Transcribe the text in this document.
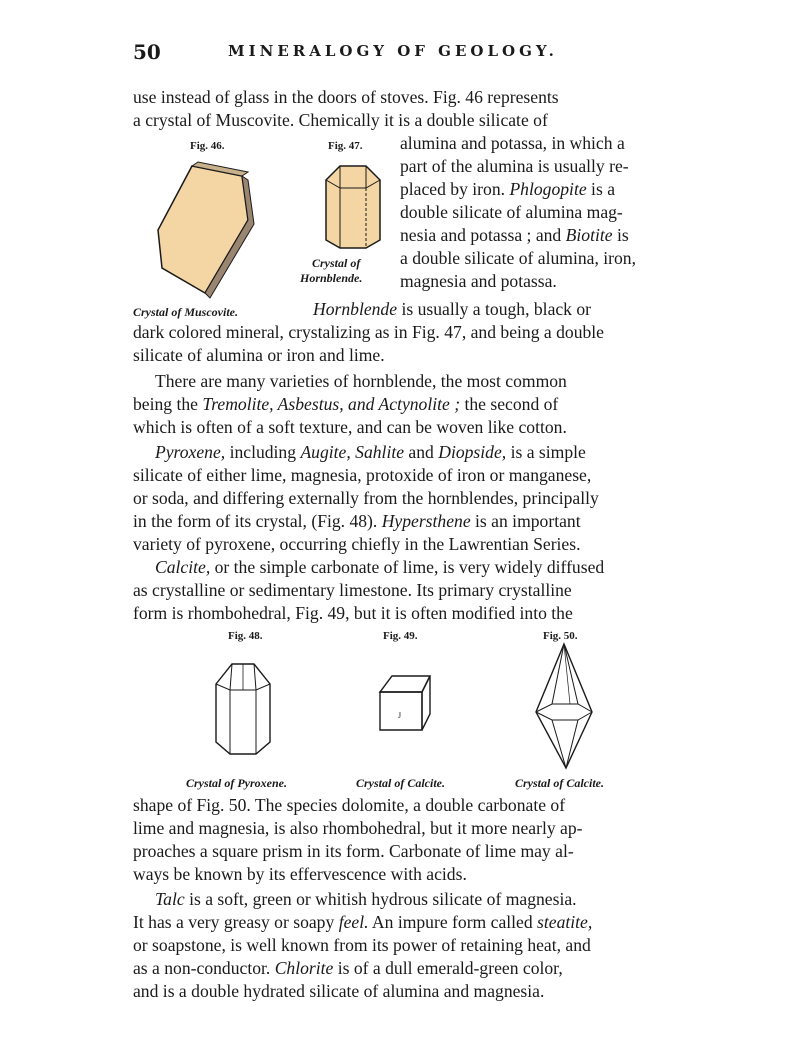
50	MINERALOGY OF GEOLOGY.
use instead of glass in the doors of stoves. Fig. 46 represents
a crystal of Muscovite. Chemically it is a double silicate of
Fig. 46.	Fig. 47.
Crystal of
Hornblende.
Crystal of Muscovite.
alumina and potassa, in which a
part of the alumina is usually re-
placed by iron. Phlogopite is a
double silicate of alumina mag-
nesia and potassa ; and Biotite is
a double silicate of alumina, iron,
magnesia and potassa.
Hornblende is usually a tough, black or
dark colored mineral, crystalizing as in Fig. 47, and being a double
silicate of alumina or iron and lime.
There are many varieties of hornblende, the most common
being the Tremolite, Asbestus, and Actynolite ; the second of
which is often of a soft texture, and can be woven like cotton.
Pyroxene, including Augite, Sahlite and Diopside, is a simple
silicate of either lime, magnesia, protoxide of iron or manganese,
or soda, and differing externally from the hornblendes, principally
in the form of its crystal, (Fig. 48). Hypersthene is an important
variety of pyroxene, occurring chiefly in the Lawrentian Series.
Calcite, or the simple carbonate of lime, is very widely diffused
as crystalline or sedimentary limestone. Its primary crystalline
form is rhombohedral, Fig. 49, but it is often modified into the
Fig. 48.	Fig. 49.	Fig. 50.
J
Crystal of Pyroxene.	Crystal of Calcite.	Crystal of Calcite.
shape of Fig. 50. The species dolomite, a double carbonate of
lime and magnesia, is also rhombohedral, but it more nearly ap-
proaches a square prism in its form. Carbonate of lime may al-
ways be known by its effervescence with acids.
Talc is a soft, green or whitish hydrous silicate of magnesia.
It has a very greasy or soapy feel. An impure form called steatite,
or soapstone, is well known from its power of retaining heat, and
as a non-conductor. Chlorite is of a dull emerald-green color,
and is a double hydrated silicate of alumina and magnesia.
